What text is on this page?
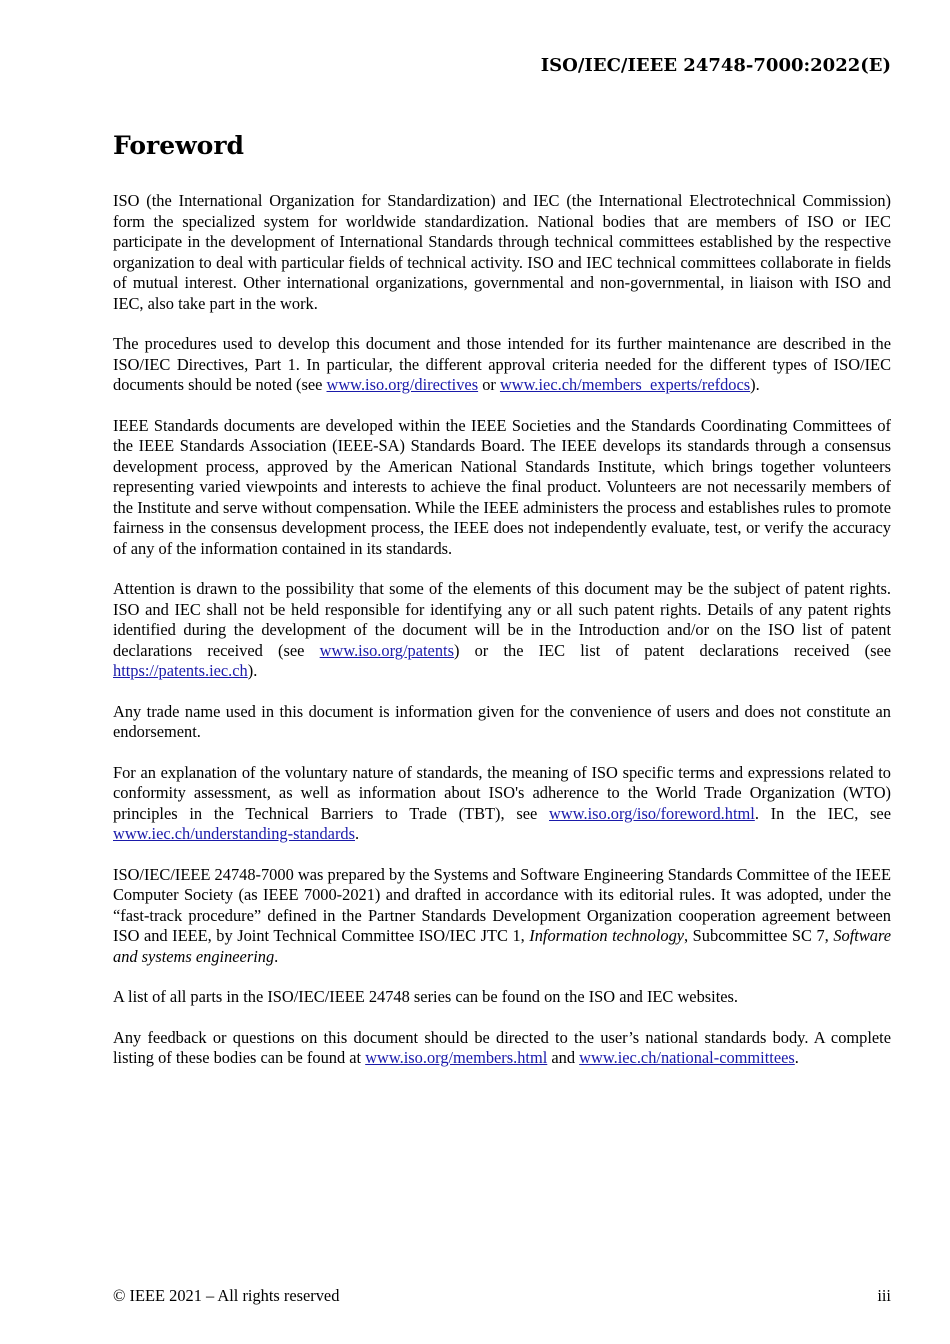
ISO/IEC/IEEE 24748-7000:2022(E)
Foreword

ISO (the International Organization for Standardization) and IEC (the International Electrotechnical Commission) form the specialized system for worldwide standardization. National bodies that are members of ISO or IEC participate in the development of International Standards through technical committees established by the respective organization to deal with particular fields of technical activity. ISO and IEC technical committees collaborate in fields of mutual interest. Other international organizations, governmental and non-governmental, in liaison with ISO and IEC, also take part in the work.

The procedures used to develop this document and those intended for its further maintenance are described in the ISO/IEC Directives, Part 1. In particular, the different approval criteria needed for the different types of ISO/IEC documents should be noted (see www.iso.org/directives or www.iec.ch/members_experts/refdocs).

IEEE Standards documents are developed within the IEEE Societies and the Standards Coordinating Committees of the IEEE Standards Association (IEEE-SA) Standards Board. The IEEE develops its standards through a consensus development process, approved by the American National Standards Institute, which brings together volunteers representing varied viewpoints and interests to achieve the final product. Volunteers are not necessarily members of the Institute and serve without compensation. While the IEEE administers the process and establishes rules to promote fairness in the consensus development process, the IEEE does not independently evaluate, test, or verify the accuracy of any of the information contained in its standards.

Attention is drawn to the possibility that some of the elements of this document may be the subject of patent rights. ISO and IEC shall not be held responsible for identifying any or all such patent rights. Details of any patent rights identified during the development of the document will be in the Introduction and/or on the ISO list of patent declarations received (see www.iso.org/patents) or the IEC list of patent declarations received (see https://patents.iec.ch).

Any trade name used in this document is information given for the convenience of users and does not constitute an endorsement.

For an explanation of the voluntary nature of standards, the meaning of ISO specific terms and expressions related to conformity assessment, as well as information about ISO's adherence to the World Trade Organization (WTO) principles in the Technical Barriers to Trade (TBT), see www.iso.org/iso/foreword.html. In the IEC, see www.iec.ch/understanding-standards.

ISO/IEC/IEEE 24748-7000 was prepared by the Systems and Software Engineering Standards Committee of the IEEE Computer Society (as IEEE 7000-2021) and drafted in accordance with its editorial rules. It was adopted, under the “fast-track procedure” defined in the Partner Standards Development Organization cooperation agreement between ISO and IEEE, by Joint Technical Committee ISO/IEC JTC 1, Information technology, Subcommittee SC 7, Software and systems engineering.

A list of all parts in the ISO/IEC/IEEE 24748 series can be found on the ISO and IEC websites.

Any feedback or questions on this document should be directed to the user’s national standards body. A complete listing of these bodies can be found at www.iso.org/members.html and www.iec.ch/national-committees.

© IEEE 2021 – All rights reserved	iii
